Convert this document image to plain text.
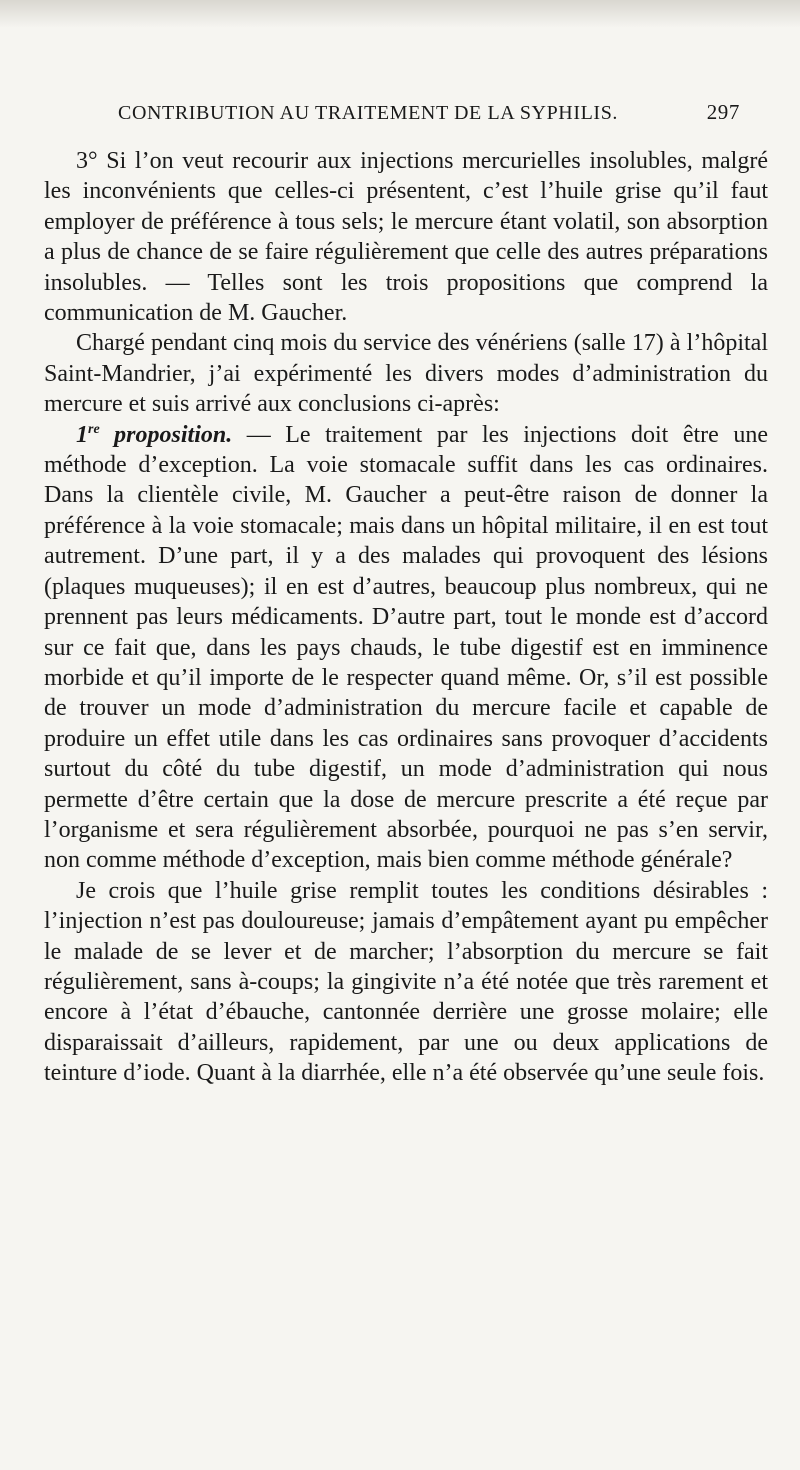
CONTRIBUTION AU TRAITEMENT DE LA SYPHILIS.	297

3° Si l’on veut recourir aux injections mercurielles insolubles, malgré les inconvénients que celles-ci présentent, c’est l’huile grise qu’il faut employer de préférence à tous sels; le mercure étant volatil, son absorption a plus de chance de se faire régulièrement que celle des autres préparations insolubles. — Telles sont les trois propositions que comprend la communication de M. Gaucher.

Chargé pendant cinq mois du service des vénériens (salle 17) à l’hôpital Saint-Mandrier, j’ai expérimenté les divers modes d’administration du mercure et suis arrivé aux conclusions ci-après:

1re proposition. — Le traitement par les injections doit être une méthode d’exception. La voie stomacale suffit dans les cas ordinaires. Dans la clientèle civile, M. Gaucher a peut-être raison de donner la préférence à la voie stomacale; mais dans un hôpital militaire, il en est tout autrement. D’une part, il y a des malades qui provoquent des lésions (plaques muqueuses); il en est d’autres, beaucoup plus nombreux, qui ne prennent pas leurs médicaments. D’autre part, tout le monde est d’accord sur ce fait que, dans les pays chauds, le tube digestif est en imminence morbide et qu’il importe de le respecter quand même. Or, s’il est possible de trouver un mode d’administration du mercure facile et capable de produire un effet utile dans les cas ordinaires sans provoquer d’accidents surtout du côté du tube digestif, un mode d’administration qui nous permette d’être certain que la dose de mercure prescrite a été reçue par l’organisme et sera régulièrement absorbée, pourquoi ne pas s’en servir, non comme méthode d’exception, mais bien comme méthode générale?

Je crois que l’huile grise remplit toutes les conditions désirables : l’injection n’est pas douloureuse; jamais d’empâtement ayant pu empêcher le malade de se lever et de marcher; l’absorption du mercure se fait régulièrement, sans à-coups; la gingivite n’a été notée que très rarement et encore à l’état d’ébauche, cantonnée derrière une grosse molaire; elle disparaissait d’ailleurs, rapidement, par une ou deux applications de teinture d’iode. Quant à la diarrhée, elle n’a été observée qu’une seule fois.
